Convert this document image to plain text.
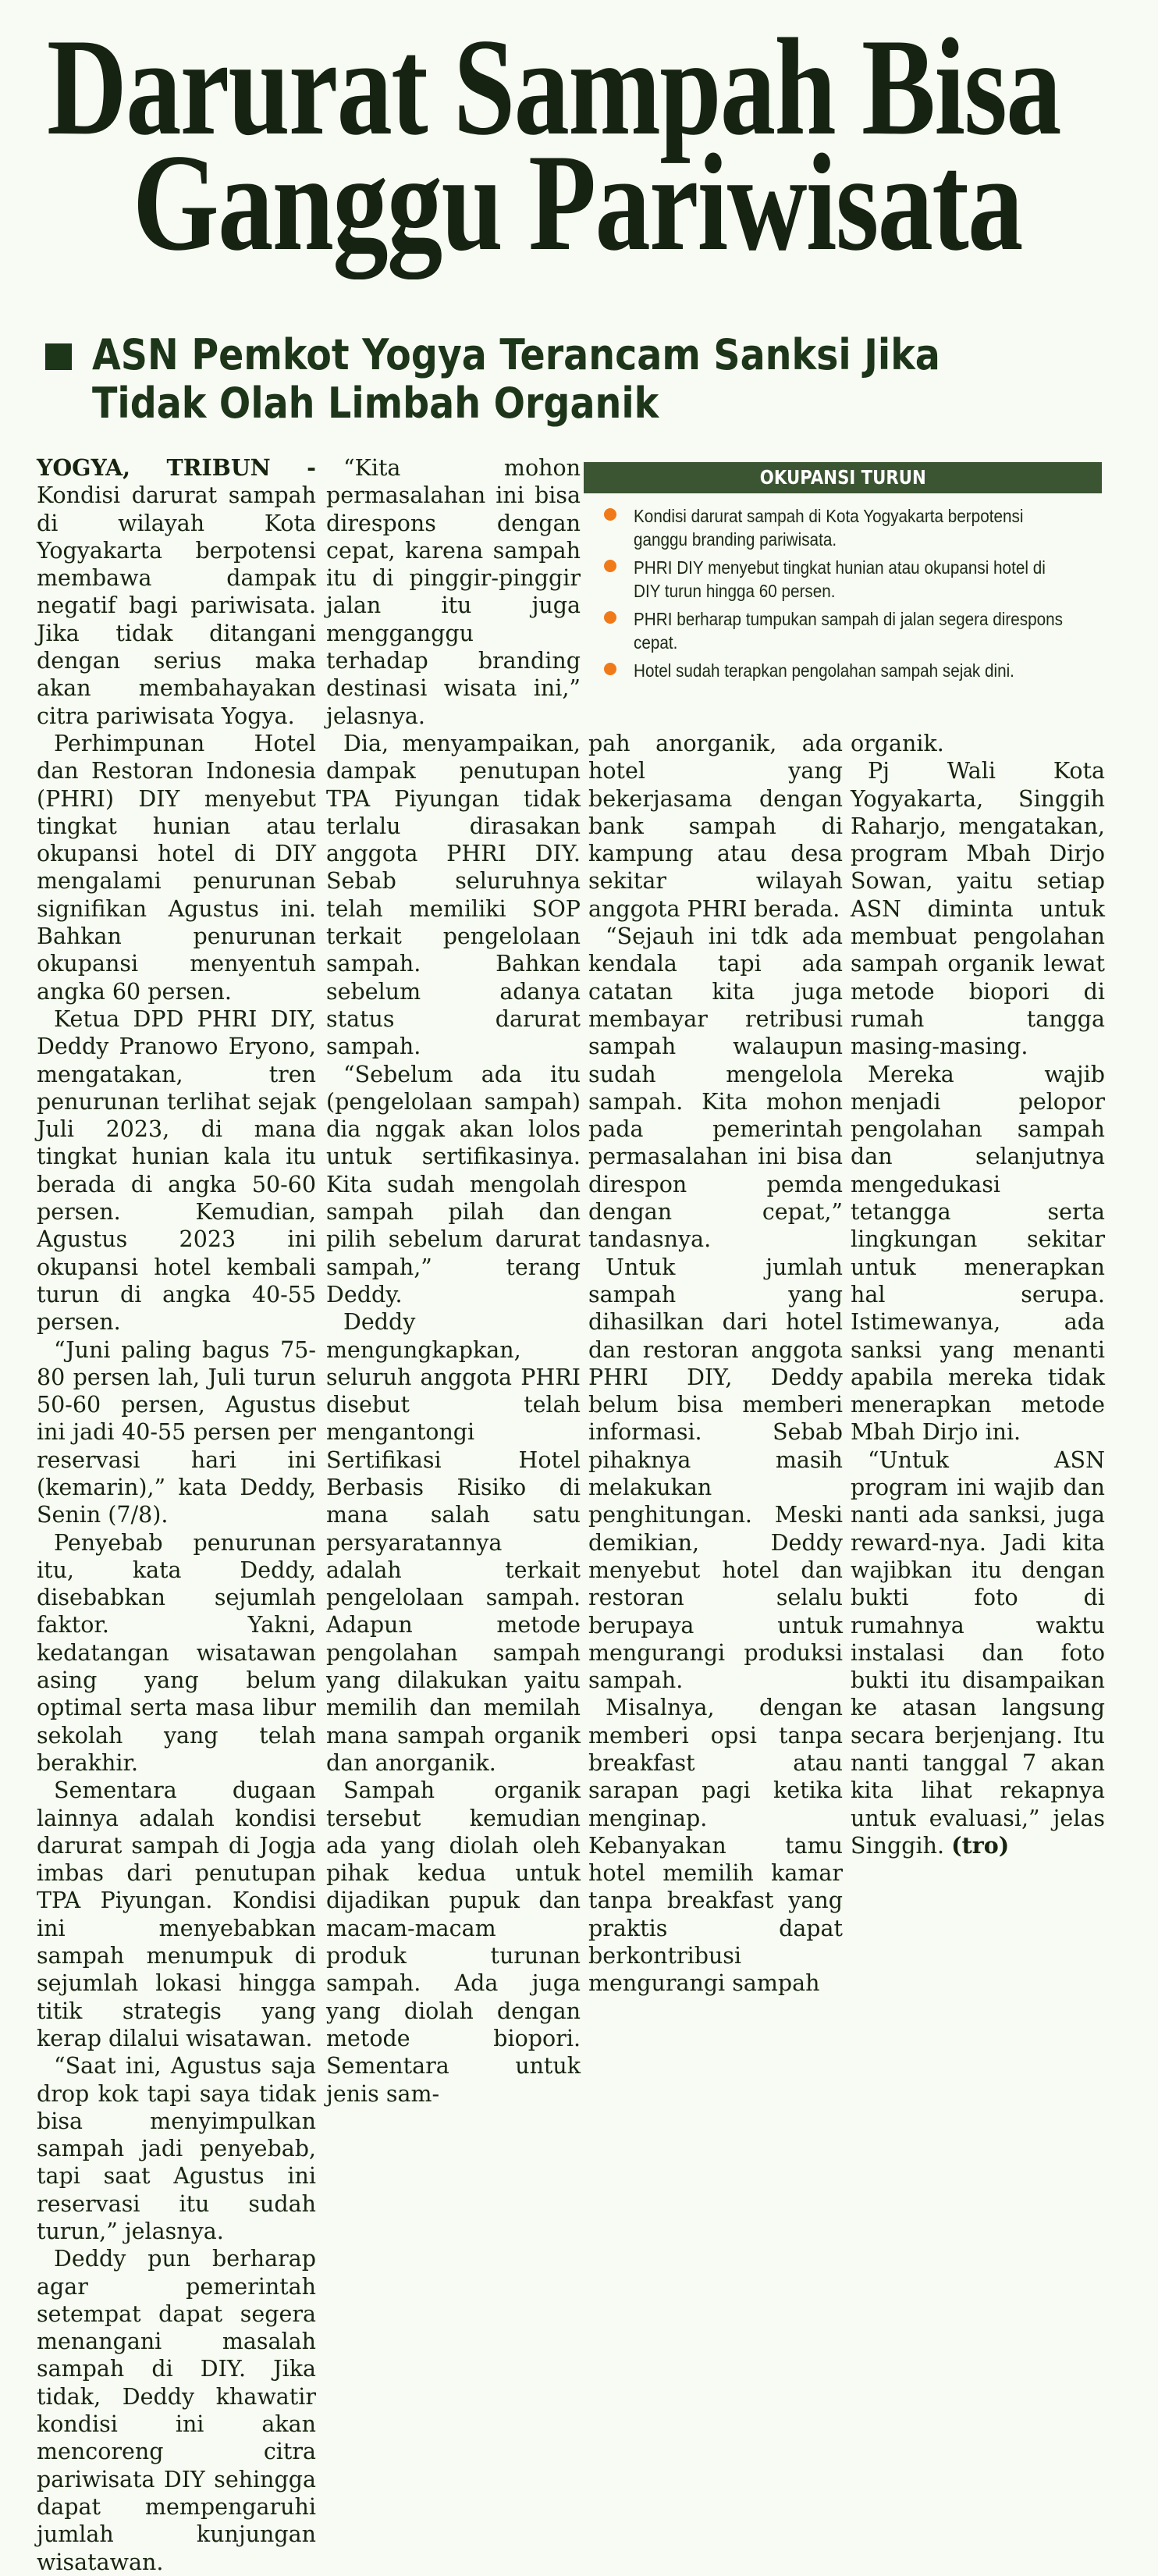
Darurat Sampah Bisa
Ganggu Pariwisata
ASN Pemkot Yogya Terancam Sanksi Jika
Tidak Olah Limbah Organik

YOGYA, TRIBUN - Kondisi darurat sampah di wilayah Kota Yogyakarta berpotensi membawa dampak negatif bagi pariwisata. Jika tidak ditangani dengan serius maka akan membahayakan citra pariwisata Yogya.

Perhimpunan Hotel dan Restoran Indonesia (PHRI) DIY menyebut tingkat hunian atau okupansi hotel di DIY mengalami penurunan signifikan Agustus ini. Bahkan penurunan okupansi menyentuh angka 60 persen.

Ketua DPD PHRI DIY, Deddy Pranowo Eryono, mengatakan, tren penurunan terlihat sejak Juli 2023, di mana tingkat hunian kala itu berada di angka 50-60 persen. Kemudian, Agustus 2023 ini okupansi hotel kembali turun di angka 40-55 persen.

“Juni paling bagus 75-80 persen lah, Juli turun 50-60 persen, Agustus ini jadi 40-55 persen per reservasi hari ini (kemarin),” kata Deddy, Senin (7/8).

Penyebab penurunan itu, kata Deddy, disebabkan sejumlah faktor. Yakni, kedatangan wisatawan asing yang belum optimal serta masa libur sekolah yang telah berakhir.

Sementara dugaan lainnya adalah kondisi darurat sampah di Jogja imbas dari penutupan TPA Piyungan. Kondisi ini menyebabkan sampah menumpuk di sejumlah lokasi hingga titik strategis yang kerap dilalui wisatawan.

“Saat ini, Agustus saja drop kok tapi saya tidak bisa menyimpulkan sampah jadi penyebab, tapi saat Agustus ini reservasi itu sudah turun,” jelasnya.

Deddy pun berharap agar pemerintah setempat dapat segera menangani masalah sampah di DIY. Jika tidak, Deddy khawatir kondisi ini akan mencoreng citra pariwisata DIY sehingga dapat mempengaruhi jumlah kunjungan wisatawan.

“Kita mohon permasalahan ini bisa direspons dengan cepat, karena sampah itu di pinggir-pinggir jalan itu juga mengganggu terhadap branding destinasi wisata ini,” jelasnya.

Dia, menyampaikan, dampak penutupan TPA Piyungan tidak terlalu dirasakan anggota PHRI DIY. Sebab seluruhnya telah memiliki SOP terkait pengelolaan sampah. Bahkan sebelum adanya status darurat sampah.

“Sebelum ada itu (pengelolaan sampah) dia nggak akan lolos untuk sertifikasinya. Kita sudah mengolah sampah pilah dan pilih sebelum darurat sampah,” terang Deddy.

Deddy mengungkapkan, seluruh anggota PHRI disebut telah mengantongi Sertifikasi Hotel Berbasis Risiko di mana salah satu persyaratannya adalah terkait pengelolaan sampah. Adapun metode pengolahan sampah yang dilakukan yaitu memilih dan memilah mana sampah organik dan anorganik.

Sampah organik tersebut kemudian ada yang diolah oleh pihak kedua untuk dijadikan pupuk dan macam-macam produk turunan sampah. Ada juga yang diolah dengan metode biopori. Sementara untuk jenis sam-

OKUPANSI TURUN
Kondisi darurat sampah di Kota Yogyakarta berpotensi ganggu branding pariwisata.
PHRI DIY menyebut tingkat hunian atau okupansi hotel di DIY turun hingga 60 persen.
PHRI berharap tumpukan sampah di jalan segera direspons cepat.
Hotel sudah terapkan pengolahan sampah sejak dini.

pah anorganik, ada hotel yang bekerjasama dengan bank sampah di kampung atau desa sekitar wilayah anggota PHRI berada.

“Sejauh ini tdk ada kendala tapi ada catatan kita juga membayar retribusi sampah walaupun sudah mengelola sampah. Kita mohon pada pemerintah permasalahan ini bisa direspon pemda dengan cepat,” tandasnya.

Untuk jumlah sampah yang dihasilkan dari hotel dan restoran anggota PHRI DIY, Deddy belum bisa memberi informasi. Sebab pihaknya masih melakukan penghitungan. Meski demikian, Deddy menyebut hotel dan restoran selalu berupaya untuk mengurangi produksi sampah.

Misalnya, dengan memberi opsi tanpa breakfast atau sarapan pagi ketika menginap. Kebanyakan tamu hotel memilih kamar tanpa breakfast yang praktis dapat berkontribusi mengurangi sampah

organik.

Pj Wali Kota Yogyakarta, Singgih Raharjo, mengatakan, program Mbah Dirjo Sowan, yaitu setiap ASN diminta untuk membuat pengolahan sampah organik lewat metode biopori di rumah tangga masing-masing.

Mereka wajib menjadi pelopor pengolahan sampah dan selanjutnya mengedukasi tetangga serta lingkungan sekitar untuk menerapkan hal serupa. Istimewanya, ada sanksi yang menanti apabila mereka tidak menerapkan metode Mbah Dirjo ini.

“Untuk ASN program ini wajib dan nanti ada sanksi, juga reward-nya. Jadi kita wajibkan itu dengan bukti foto di rumahnya waktu instalasi dan foto bukti itu disampaikan ke atasan langsung secara berjenjang. Itu nanti tanggal 7 akan kita lihat rekapnya untuk evaluasi,” jelas Singgih. (tro)
